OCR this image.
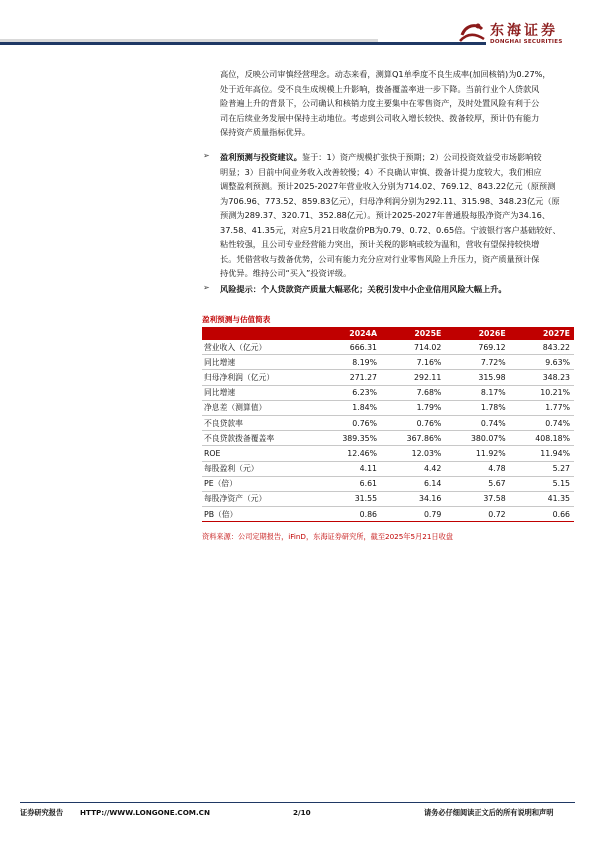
东海证券
DONGHAI SECURITIES
高位，反映公司审慎经营理念。动态来看，测算Q1单季度不良生成率(加回核销)为0.27%，
处于近年高位。受不良生成规模上升影响，拨备覆盖率进一步下降。当前行业个人贷款风
险普遍上升的背景下，公司确认和核销力度主要集中在零售资产，及时处置风险有利于公
司在后续业务发展中保持主动地位。考虑到公司收入增长较快、拨备较厚，预计仍有能力
保持资产质量指标优异。
➢ 盈利预测与投资建议。鉴于：1）资产规模扩张快于预期；2）公司投资效益受市场影响较
明显；3）目前中间业务收入改善较慢；4）不良确认审慎、拨备计提力度较大，我们相应
调整盈利预测。预计2025-2027年营业收入分别为714.02、769.12、843.22亿元（原预测
为706.96、773.52、859.83亿元），归母净利润分别为292.11、315.98、348.23亿元（原
预测为289.37、320.71、352.88亿元）。预计2025-2027年普通股每股净资产为34.16、
37.58、41.35元，对应5月21日收盘价PB为0.79、0.72、0.65倍。宁波银行客户基础较好、
粘性较强，且公司专业经营能力突出，预计关税的影响或较为温和，营收有望保持较快增
长。凭借营收与拨备优势，公司有能力充分应对行业零售风险上升压力，资产质量预计保
持优异。维持公司“买入”投资评级。
➢ 风险提示：个人贷款资产质量大幅恶化；关税引发中小企业信用风险大幅上升。
盈利预测与估值简表
	2024A	2025E	2026E	2027E
营业收入（亿元）	666.31	714.02	769.12	843.22
同比增速	8.19%	7.16%	7.72%	9.63%
归母净利润（亿元）	271.27	292.11	315.98	348.23
同比增速	6.23%	7.68%	8.17%	10.21%
净息差（测算值）	1.84%	1.79%	1.78%	1.77%
不良贷款率	0.76%	0.76%	0.74%	0.74%
不良贷款拨备覆盖率	389.35%	367.86%	380.07%	408.18%
ROE	12.46%	12.03%	11.92%	11.94%
每股盈利（元）	4.11	4.42	4.78	5.27
PE（倍）	6.61	6.14	5.67	5.15
每股净资产（元）	31.55	34.16	37.58	41.35
PB（倍）	0.86	0.79	0.72	0.66
资料来源：公司定期报告，iFinD，东海证券研究所，截至2025年5月21日收盘
证券研究报告 HTTP://WWW.LONGONE.COM.CN	2/10	请务必仔细阅读正文后的所有说明和声明
